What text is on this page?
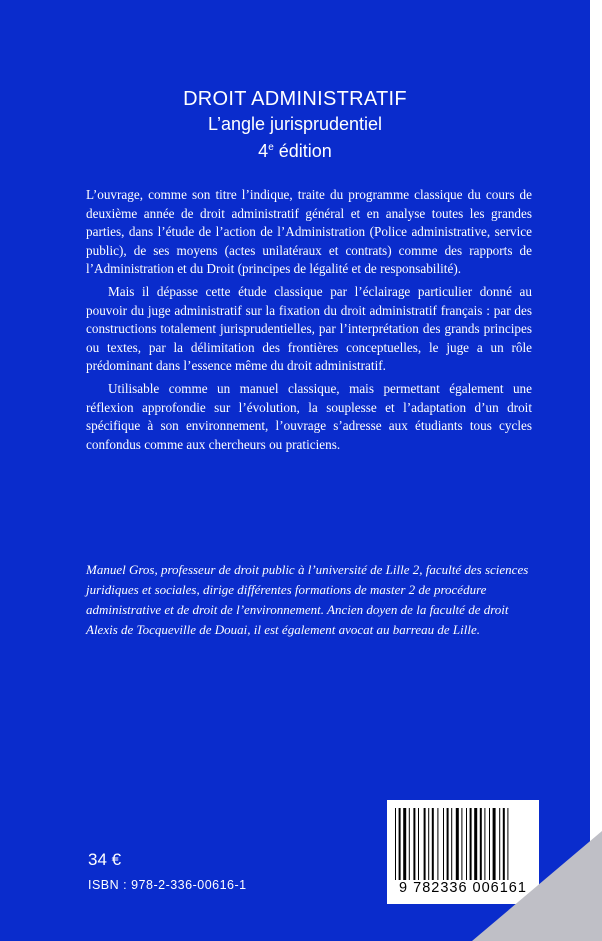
DROIT ADMINISTRATIF
L’angle jurisprudentiel
4e édition

L’ouvrage, comme son titre l’indique, traite du programme classique du cours de deuxième année de droit administratif général et en analyse toutes les grandes parties, dans l’étude de l’action de l’Administration (Police administrative, service public), de ses moyens (actes unilatéraux et contrats) comme des rapports de l’Administration et du Droit (principes de légalité et de responsabilité).

Mais il dépasse cette étude classique par l’éclairage particulier donné au pouvoir du juge administratif sur la fixation du droit administratif français : par des constructions totalement jurisprudentielles, par l’interprétation des grands principes ou textes, par la délimitation des frontières conceptuelles, le juge a un rôle prédominant dans l’essence même du droit administratif.

Utilisable comme un manuel classique, mais permettant également une réflexion approfondie sur l’évolution, la souplesse et l’adaptation d’un droit spécifique à son environnement, l’ouvrage s’adresse aux étudiants tous cycles confondus comme aux chercheurs ou praticiens.

Manuel Gros, professeur de droit public à l’université de Lille 2, faculté des sciences juridiques et sociales, dirige différentes formations de master 2 de procédure administrative et de droit de l’environnement. Ancien doyen de la faculté de droit Alexis de Tocqueville de Douai, il est également avocat au barreau de Lille.
34 €
ISBN : 978-2-336-00616-1	9 782336 006161
